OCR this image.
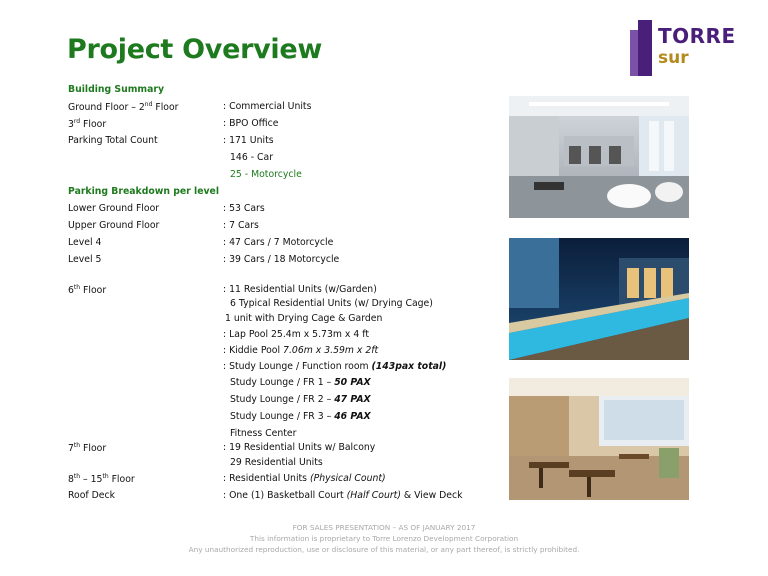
Project Overview	TORRE
sur
Building Summary
Ground Floor – 2nd Floor	: Commercial Units
3rd Floor	: BPO Office
Parking Total Count	: 171 Units
146 - Car
25 - Motorcycle
Parking Breakdown per level
Lower Ground Floor	: 53 Cars
Upper Ground Floor	: 7 Cars
Level 4	: 47 Cars / 7 Motorcycle
Level 5	: 39 Cars / 18 Motorcycle
6th Floor	: 11 Residential Units (w/Garden)
6 Typical Residential Units (w/ Drying Cage)
1 unit with Drying Cage & Garden
: Lap Pool 25.4m x 5.73m x 4 ft
: Kiddie Pool 7.06m x 3.59m x 2ft
: Study Lounge / Function room (143pax total)
Study Lounge / FR 1 – 50 PAX
Study Lounge / FR 2 – 47 PAX
Study Lounge / FR 3 – 46 PAX
Fitness Center
7th Floor	: 19 Residential Units w/ Balcony
29 Residential Units
8th – 15th Floor	: Residential Units (Physical Count)
Roof Deck	: One (1) Basketball Court (Half Court) & View Deck
FOR SALES PRESENTATION – AS OF JANUARY 2017
This information is proprietary to Torre Lorenzo Development Corporation
Any unauthorized reproduction, use or disclosure of this material, or any part thereof, is strictly prohibited.
